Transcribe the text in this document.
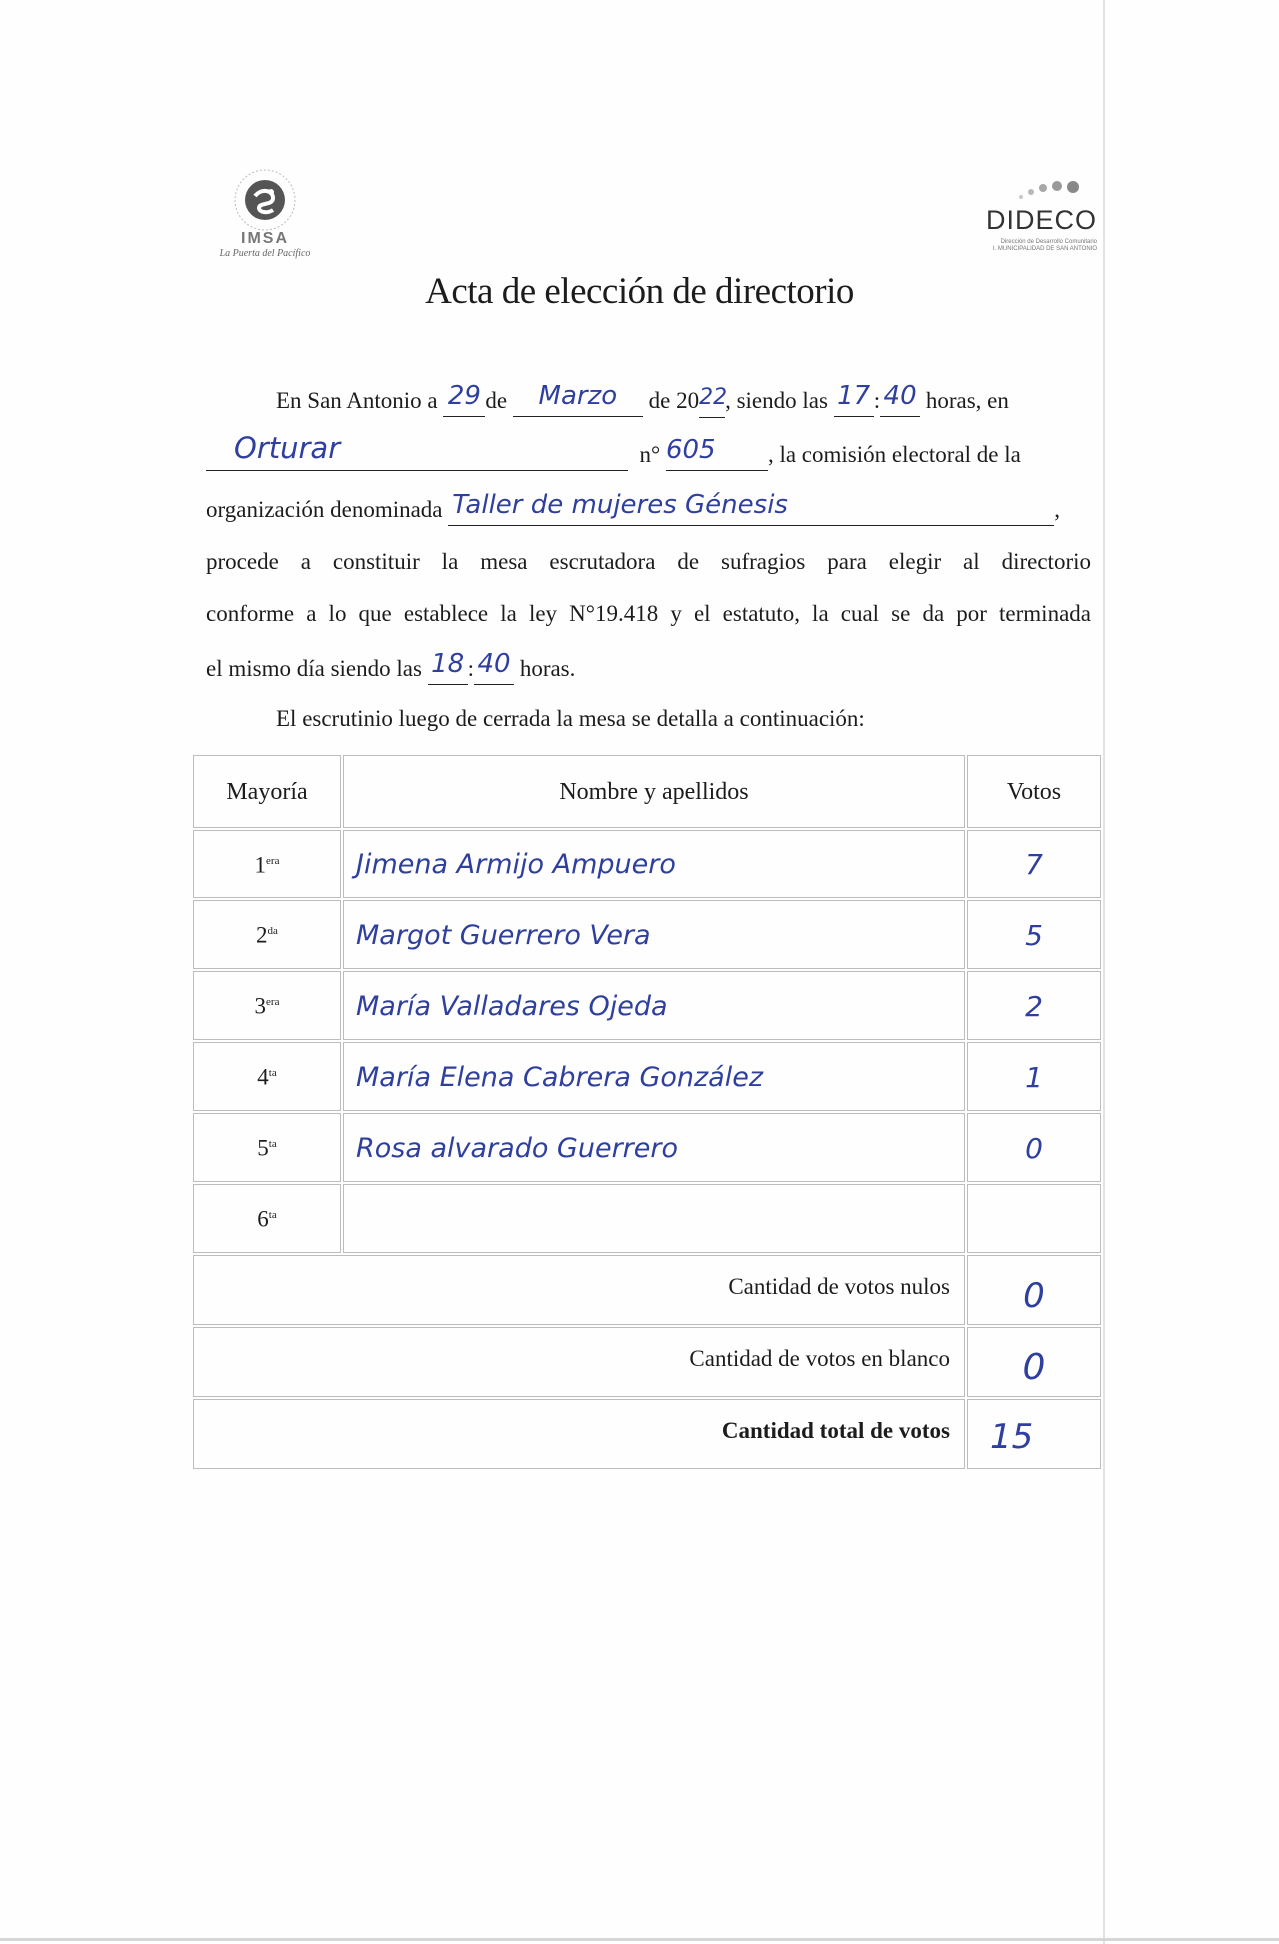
IMSA
La Puerta del Pacífico
DIDECO
Dirección de Desarrollo Comunitario
I. MUNICIPALIDAD DE SAN ANTONIO
Acta de elección de directorio
En San Antonio a 29 de Marzo de 2022, siendo las 17 : 40 horas, en
Orturar	n° 605 , la comisión electoral de la
organización denominada Taller de mujeres Génesis	,
procede a constituir la mesa escrutadora de sufragios para elegir al directorio
conforme a lo que establece la ley N°19.418 y el estatuto, la cual se da por terminada
el mismo día siendo las 18 : 40 horas.
El escrutinio luego de cerrada la mesa se detalla a continuación:
Mayoría	Nombre y apellidos	Votos
$1^{era}$	Jimena Armijo Ampuero	7
$2^{da}$	Margot Guerrero Vera	5
$3^{era}$	María Valladares Ojeda	2
$4^{ta}$	María Elena Cabrera González	1
$5^{ta}$	Rosa alvarado Guerrero	0
$6^{ta}$
Cantidad de votos nulos	0
Cantidad de votos en blanco	0
Cantidad total de votos	15
